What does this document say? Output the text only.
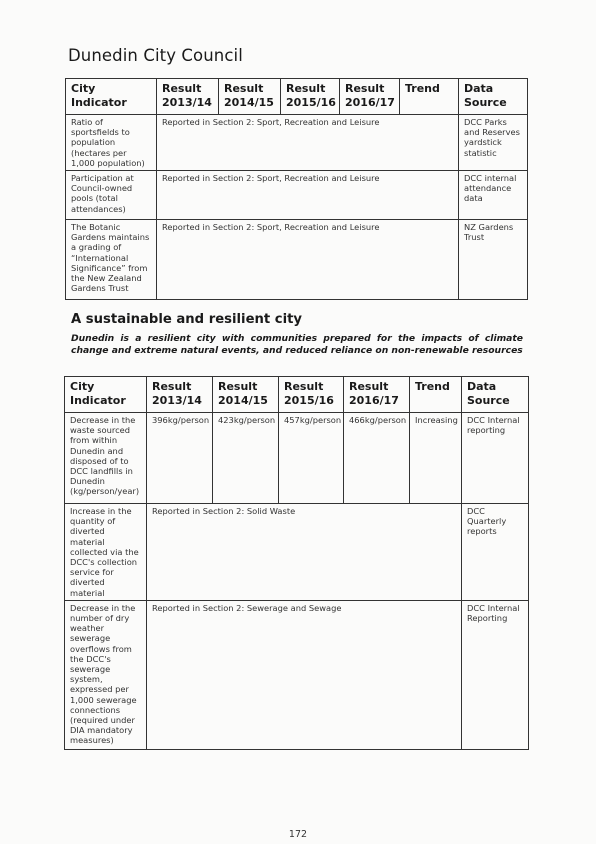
Dunedin City Council
City Indicator	Result 2013/14	Result 2014/15	Result 2015/16	Result 2016/17	Trend	Data Source
Ratio of sportsfields to population (hectares per 1,000 population)	Reported in Section 2: Sport, Recreation and Leisure					DCC Parks and Reserves yardstick statistic
Participation at Council-owned pools (total attendances)	Reported in Section 2: Sport, Recreation and Leisure					DCC internal attendance data
The Botanic Gardens maintains a grading of “International Significance” from the New Zealand Gardens Trust	Reported in Section 2: Sport, Recreation and Leisure					NZ Gardens Trust
A sustainable and resilient city
Dunedin is a resilient city with communities prepared for the impacts of climate change and extreme natural events, and reduced reliance on non-renewable resources
City Indicator	Result 2013/14	Result 2014/15	Result 2015/16	Result 2016/17	Trend	Data Source
Decrease in the waste sourced from within Dunedin and disposed of to DCC landfills in Dunedin (kg/person/year)	396kg/person	423kg/person	457kg/person	466kg/person	Increasing	DCC Internal reporting
Increase in the quantity of diverted material collected via the DCC's collection service for diverted material	Reported in Section 2: Solid Waste					DCC Quarterly reports
Decrease in the number of dry weather sewerage overflows from the DCC's sewerage system, expressed per 1,000 sewerage connections (required under DIA mandatory measures)	Reported in Section 2: Sewerage and Sewage					DCC Internal Reporting
172
